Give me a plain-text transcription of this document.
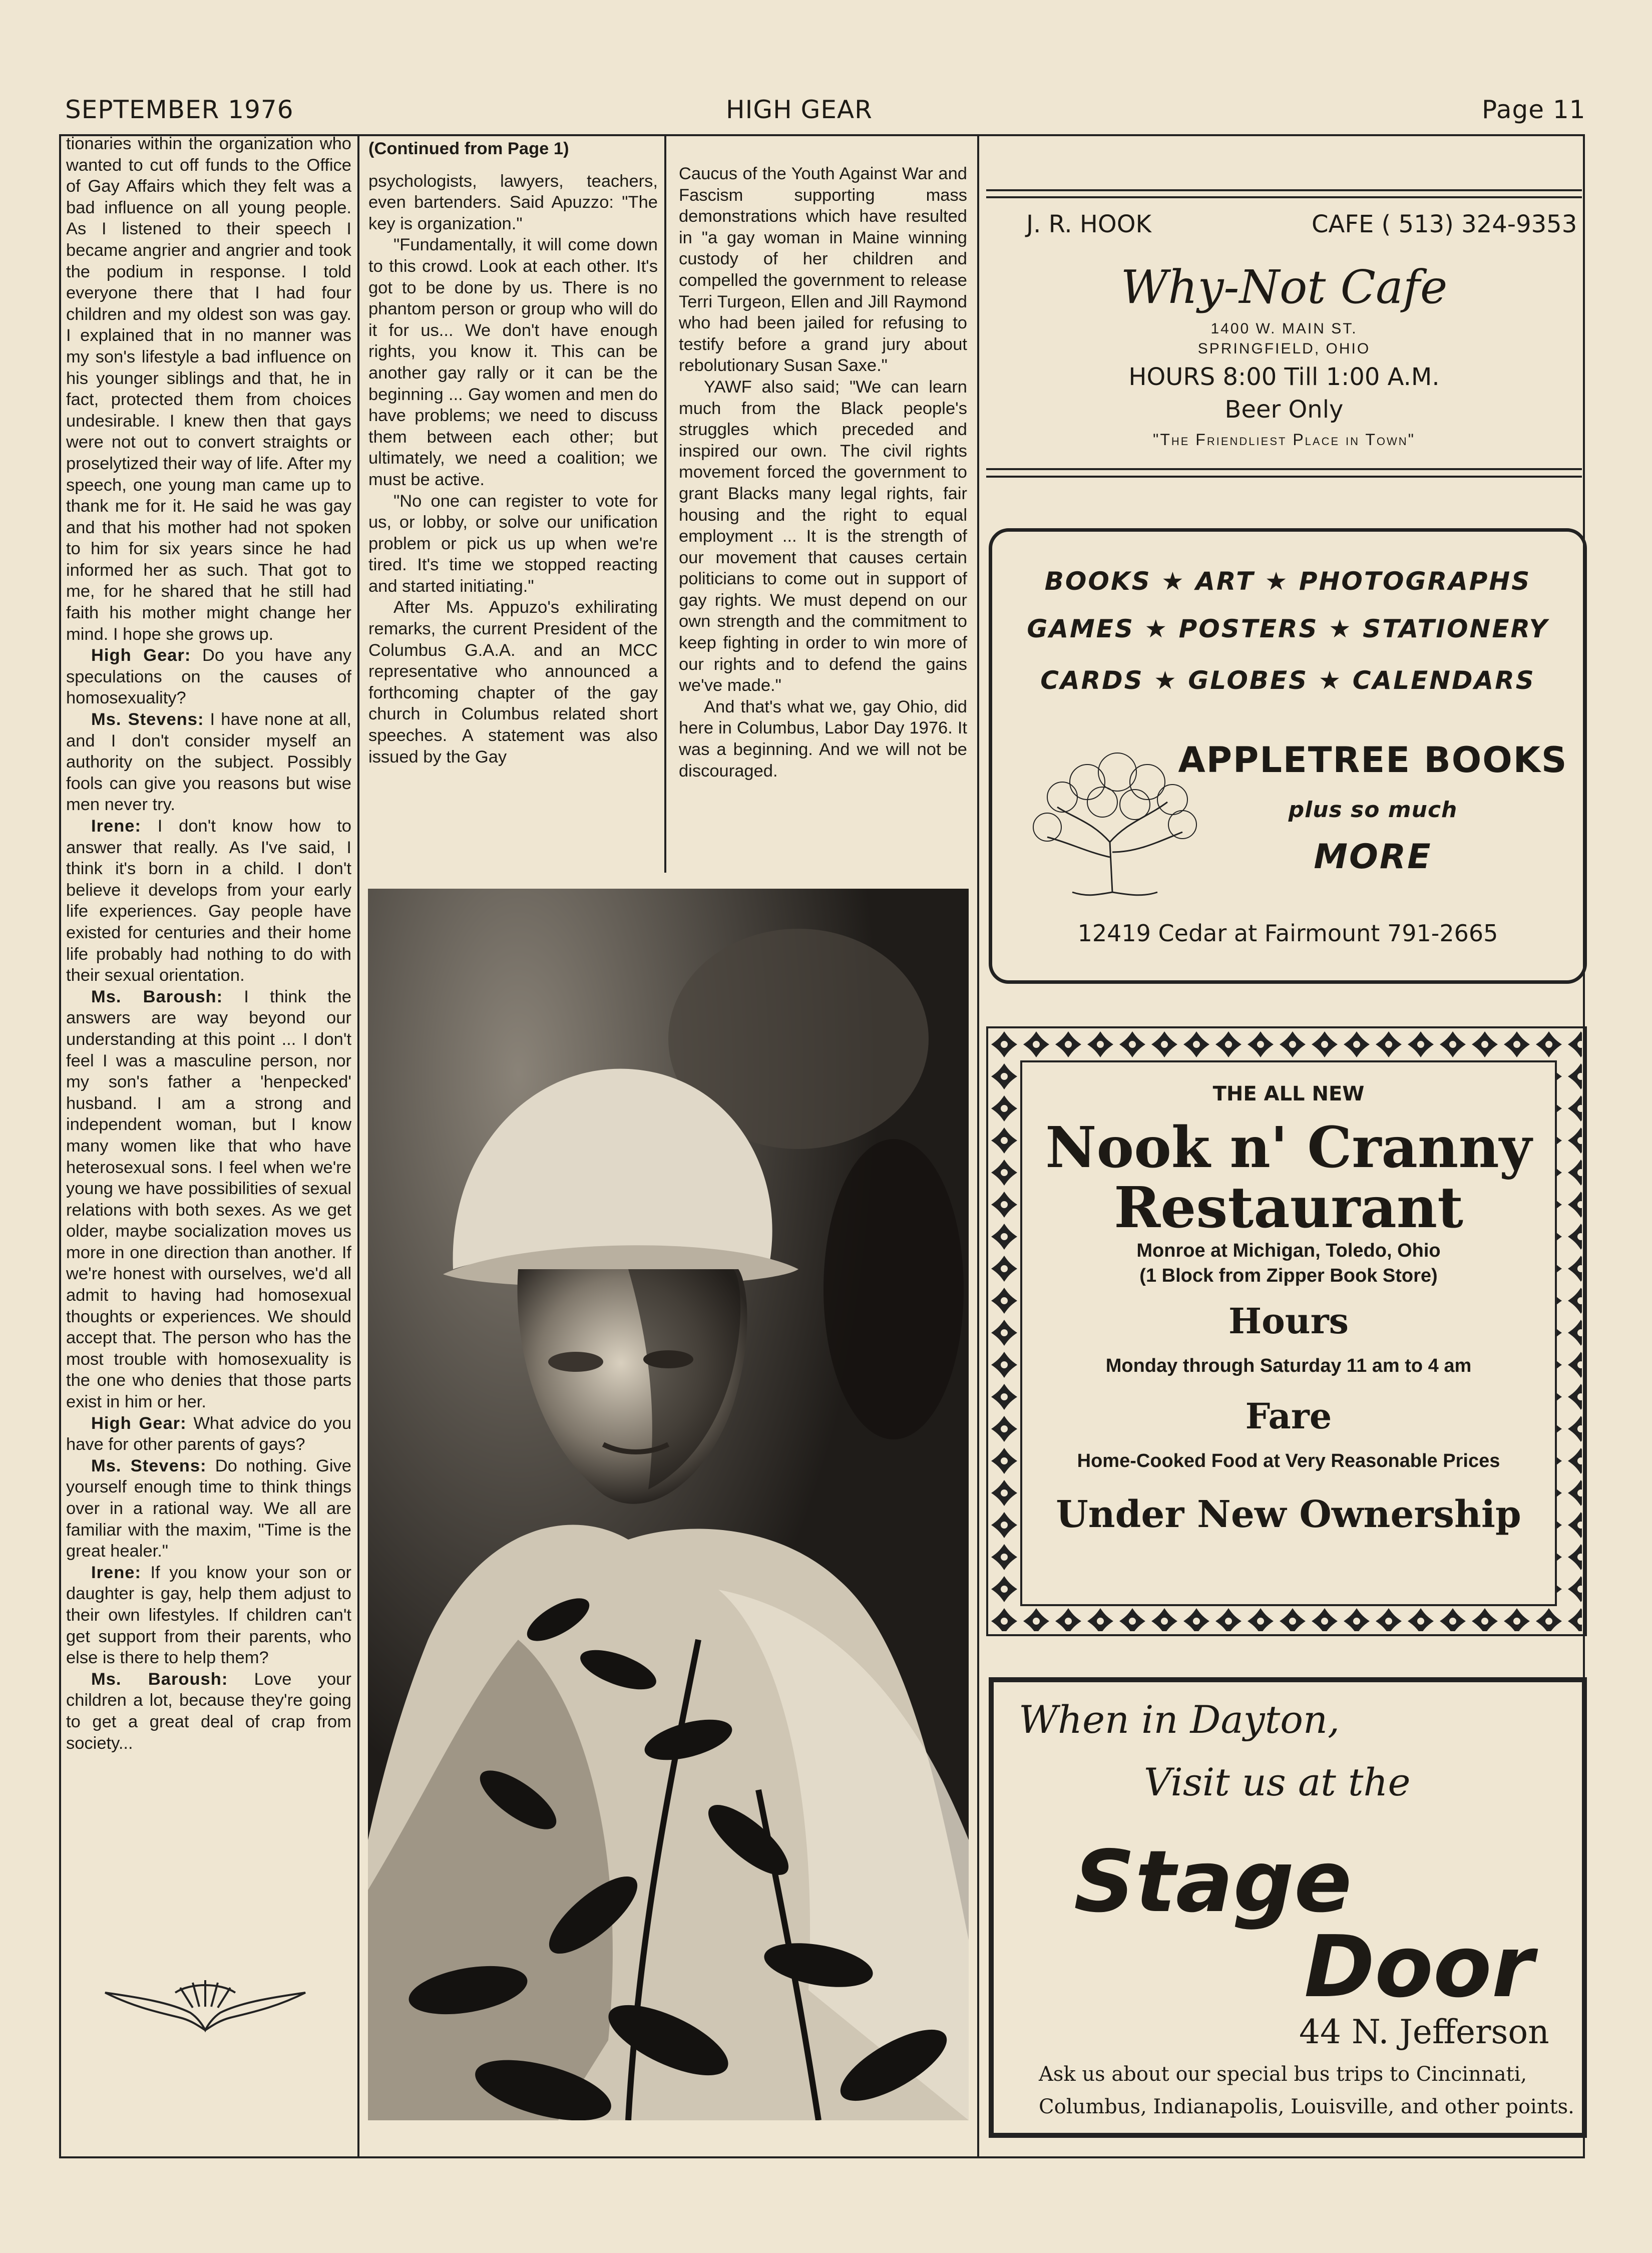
SEPTEMBER 1976	HIGH GEAR	Page 11

tionaries within the organization who wanted to cut off funds to the Office of Gay Affairs which they felt was a bad influence on all young people. As I listened to their speech I became angrier and angrier and took the podium in response. I told everyone there that I had four children and my oldest son was gay. I explained that in no manner was my son's lifestyle a bad influence on his younger siblings and that, he in fact, protected them from choices undesirable. I knew then that gays were not out to convert straights or proselytized their way of life. After my speech, one young man came up to thank me for it. He said he was gay and that his mother had not spoken to him for six years since he had informed her as such. That got to me, for he shared that he still had faith his mother might change her mind. I hope she grows up.

High Gear: Do you have any speculations on the causes of homosexuality?

Ms. Stevens: I have none at all, and I don't consider myself an authority on the subject. Possibly fools can give you reasons but wise men never try.

Irene: I don't know how to answer that really. As I've said, I think it's born in a child. I don't believe it develops from your early life experiences. Gay people have existed for centuries and their home life probably had nothing to do with their sexual orientation.

Ms. Baroush: I think the answers are way beyond our understanding at this point ... I don't feel I was a masculine person, nor my son's father a 'henpecked' husband. I am a strong and independent woman, but I know many women like that who have heterosexual sons. I feel when we're young we have possibilities of sexual relations with both sexes. As we get older, maybe socialization moves us more in one direction than another. If we're honest with ourselves, we'd all admit to having had homosexual thoughts or experiences. We should accept that. The person who has the most trouble with homosexuality is the one who denies that those parts exist in him or her.

High Gear: What advice do you have for other parents of gays?

Ms. Stevens: Do nothing. Give yourself enough time to think things over in a rational way. We all are familiar with the maxim, "Time is the great healer."

Irene: If you know your son or daughter is gay, help them adjust to their own lifestyles. If children can't get support from their parents, who else is there to help them?

Ms. Baroush: Love your children a lot, because they're going to get a great deal of crap from society...

(Continued from Page 1)

psychologists, lawyers, teachers, even bartenders. Said Apuzzo: "The key is organization."

"Fundamentally, it will come down to this crowd. Look at each other. It's got to be done by us. There is no phantom person or group who will do it for us... We don't have enough rights, you know it. This can be another gay rally or it can be the beginning ... Gay women and men do have problems; we need to discuss them between each other; but ultimately, we need a coalition; we must be active.

"No one can register to vote for us, or lobby, or solve our unification problem or pick us up when we're tired. It's time we stopped reacting and started initiating."

After Ms. Appuzo's exhilirating remarks, the current President of the Columbus G.A.A. and an MCC representative who announced a forthcoming chapter of the gay church in Columbus related short speeches. A statement was also issued by the Gay

Caucus of the Youth Against War and Fascism supporting mass demonstrations which have resulted in "a gay woman in Maine winning custody of her children and compelled the government to release Terri Turgeon, Ellen and Jill Raymond who had been jailed for refusing to testify before a grand jury about rebolutionary Susan Saxe."

YAWF also said; "We can learn much from the Black people's struggles which preceded and inspired our own. The civil rights movement forced the government to grant Blacks many legal rights, fair housing and the right to equal employment ... It is the strength of our movement that causes certain politicians to come out in support of gay rights. We must depend on our own strength and the commitment to keep fighting in order to win more of our rights and to defend the gains we've made."

And that's what we, gay Ohio, did here in Columbus, Labor Day 1976. It was a beginning. And we will not be discouraged.

J. R. HOOK	CAFE ( 513) 324-9353
Why-Not Cafe
1400 W. MAIN ST.
SPRINGFIELD, OHIO
HOURS 8:00 Till 1:00 A.M.
Beer Only
"The Friendliest Place in Town"
BOOKS ★ ART ★ PHOTOGRAPHS
GAMES ★ POSTERS ★ STATIONERY
CARDS ★ GLOBES ★ CALENDARS
APPLETREE BOOKS
plus so much
MORE
12419 Cedar at Fairmount 791-2665
THE ALL NEW
Nook n' Cranny
Restaurant
Monroe at Michigan, Toledo, Ohio
(1 Block from Zipper Book Store)
Hours
Monday through Saturday 11 am to 4 am
Fare
Home-Cooked Food at Very Reasonable Prices
Under New Ownership
When in Dayton,
Visit us at the
Stage
Door
44 N. Jefferson
Ask us about our special bus trips to Cincinnati,
Columbus, Indianapolis, Louisville, and other points.
